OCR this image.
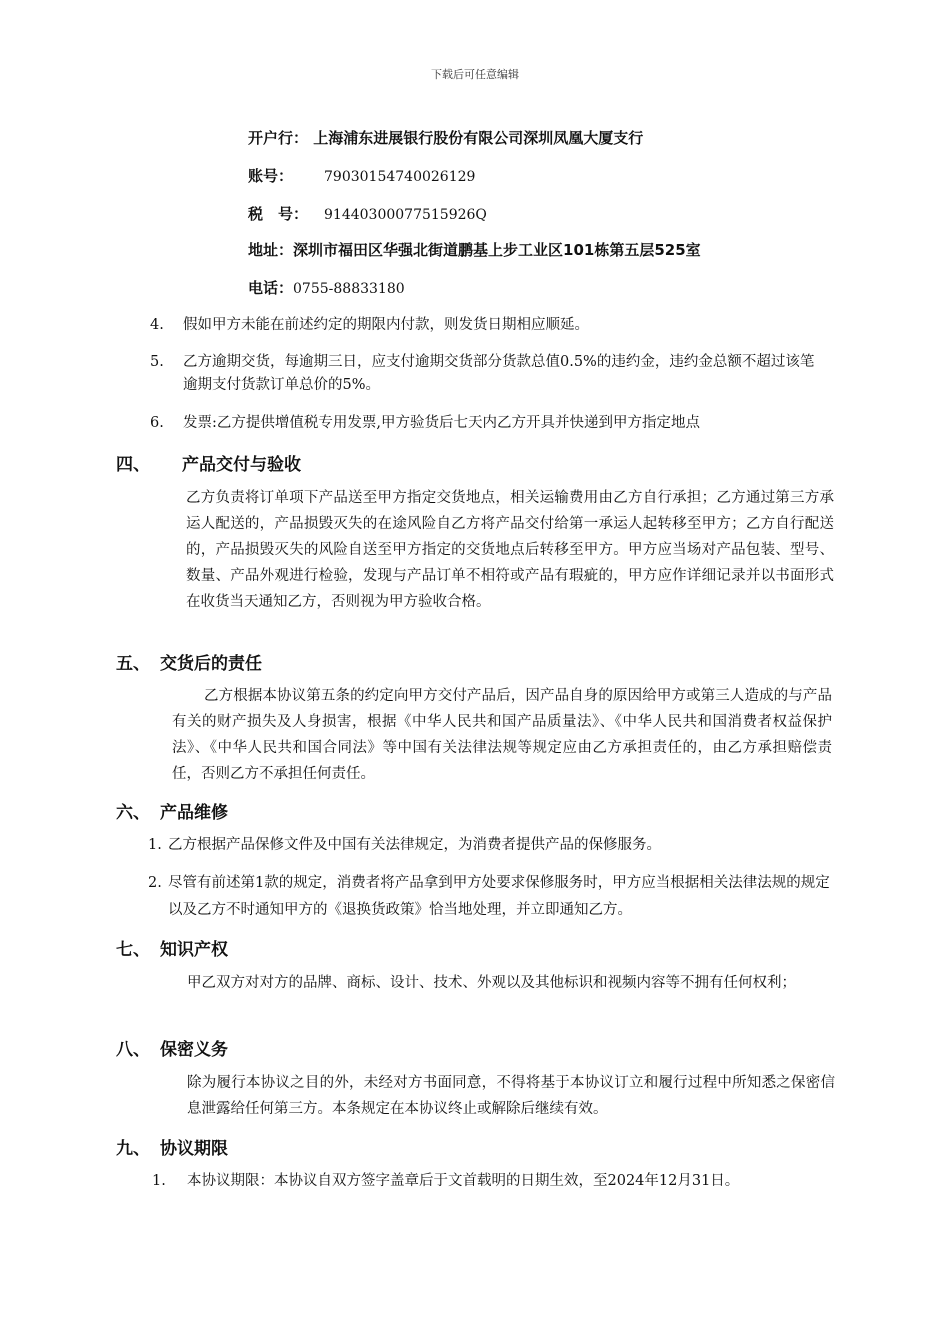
下载后可任意编辑
开户行： 上海浦东进展银行股份有限公司深圳凤凰大厦支行
账号： 79030154740026129
税　号： 91440300077515926Q
地址：深圳市福田区华强北街道鹏基上步工业区101栋第五层525室
电话：0755-88833180
4. 假如甲方未能在前述约定的期限内付款，则发货日期相应顺延。
5. 乙方逾期交货，每逾期三日，应支付逾期交货部分货款总值0.5%的违约金，违约金总额不超过该笔逾期支付货款订单总价的5%。
6. 发票:乙方提供增值税专用发票,甲方验货后七天内乙方开具并快递到甲方指定地点
四、 产品交付与验收
乙方负责将订单项下产品送至甲方指定交货地点，相关运输费用由乙方自行承担；乙方通过第三方承运人配送的，产品损毁灭失的在途风险自乙方将产品交付给第一承运人起转移至甲方；乙方自行配送的，产品损毁灭失的风险自送至甲方指定的交货地点后转移至甲方。甲方应当场对产品包装、型号、数量、产品外观进行检验，发现与产品订单不相符或产品有瑕疵的，甲方应作详细记录并以书面形式在收货当天通知乙方，否则视为甲方验收合格。
五、 交货后的责任
乙方根据本协议第五条的约定向甲方交付产品后，因产品自身的原因给甲方或第三人造成的与产品有关的财产损失及人身损害，根据《中华人民共和国产品质量法》、《中华人民共和国消费者权益保护法》、《中华人民共和国合同法》等中国有关法律法规等规定应由乙方承担责任的，由乙方承担赔偿责任，否则乙方不承担任何责任。
六、 产品维修
1. 乙方根据产品保修文件及中国有关法律规定，为消费者提供产品的保修服务。
2. 尽管有前述第1款的规定，消费者将产品拿到甲方处要求保修服务时，甲方应当根据相关法律法规的规定以及乙方不时通知甲方的《退换货政策》恰当地处理，并立即通知乙方。
七、 知识产权
甲乙双方对对方的品牌、商标、设计、技术、外观以及其他标识和视频内容等不拥有任何权利；
八、 保密义务
除为履行本协议之目的外，未经对方书面同意，不得将基于本协议订立和履行过程中所知悉之保密信息泄露给任何第三方。本条规定在本协议终止或解除后继续有效。
九、 协议期限
1. 本协议期限：本协议自双方签字盖章后于文首载明的日期生效，至2024年12月31日。
